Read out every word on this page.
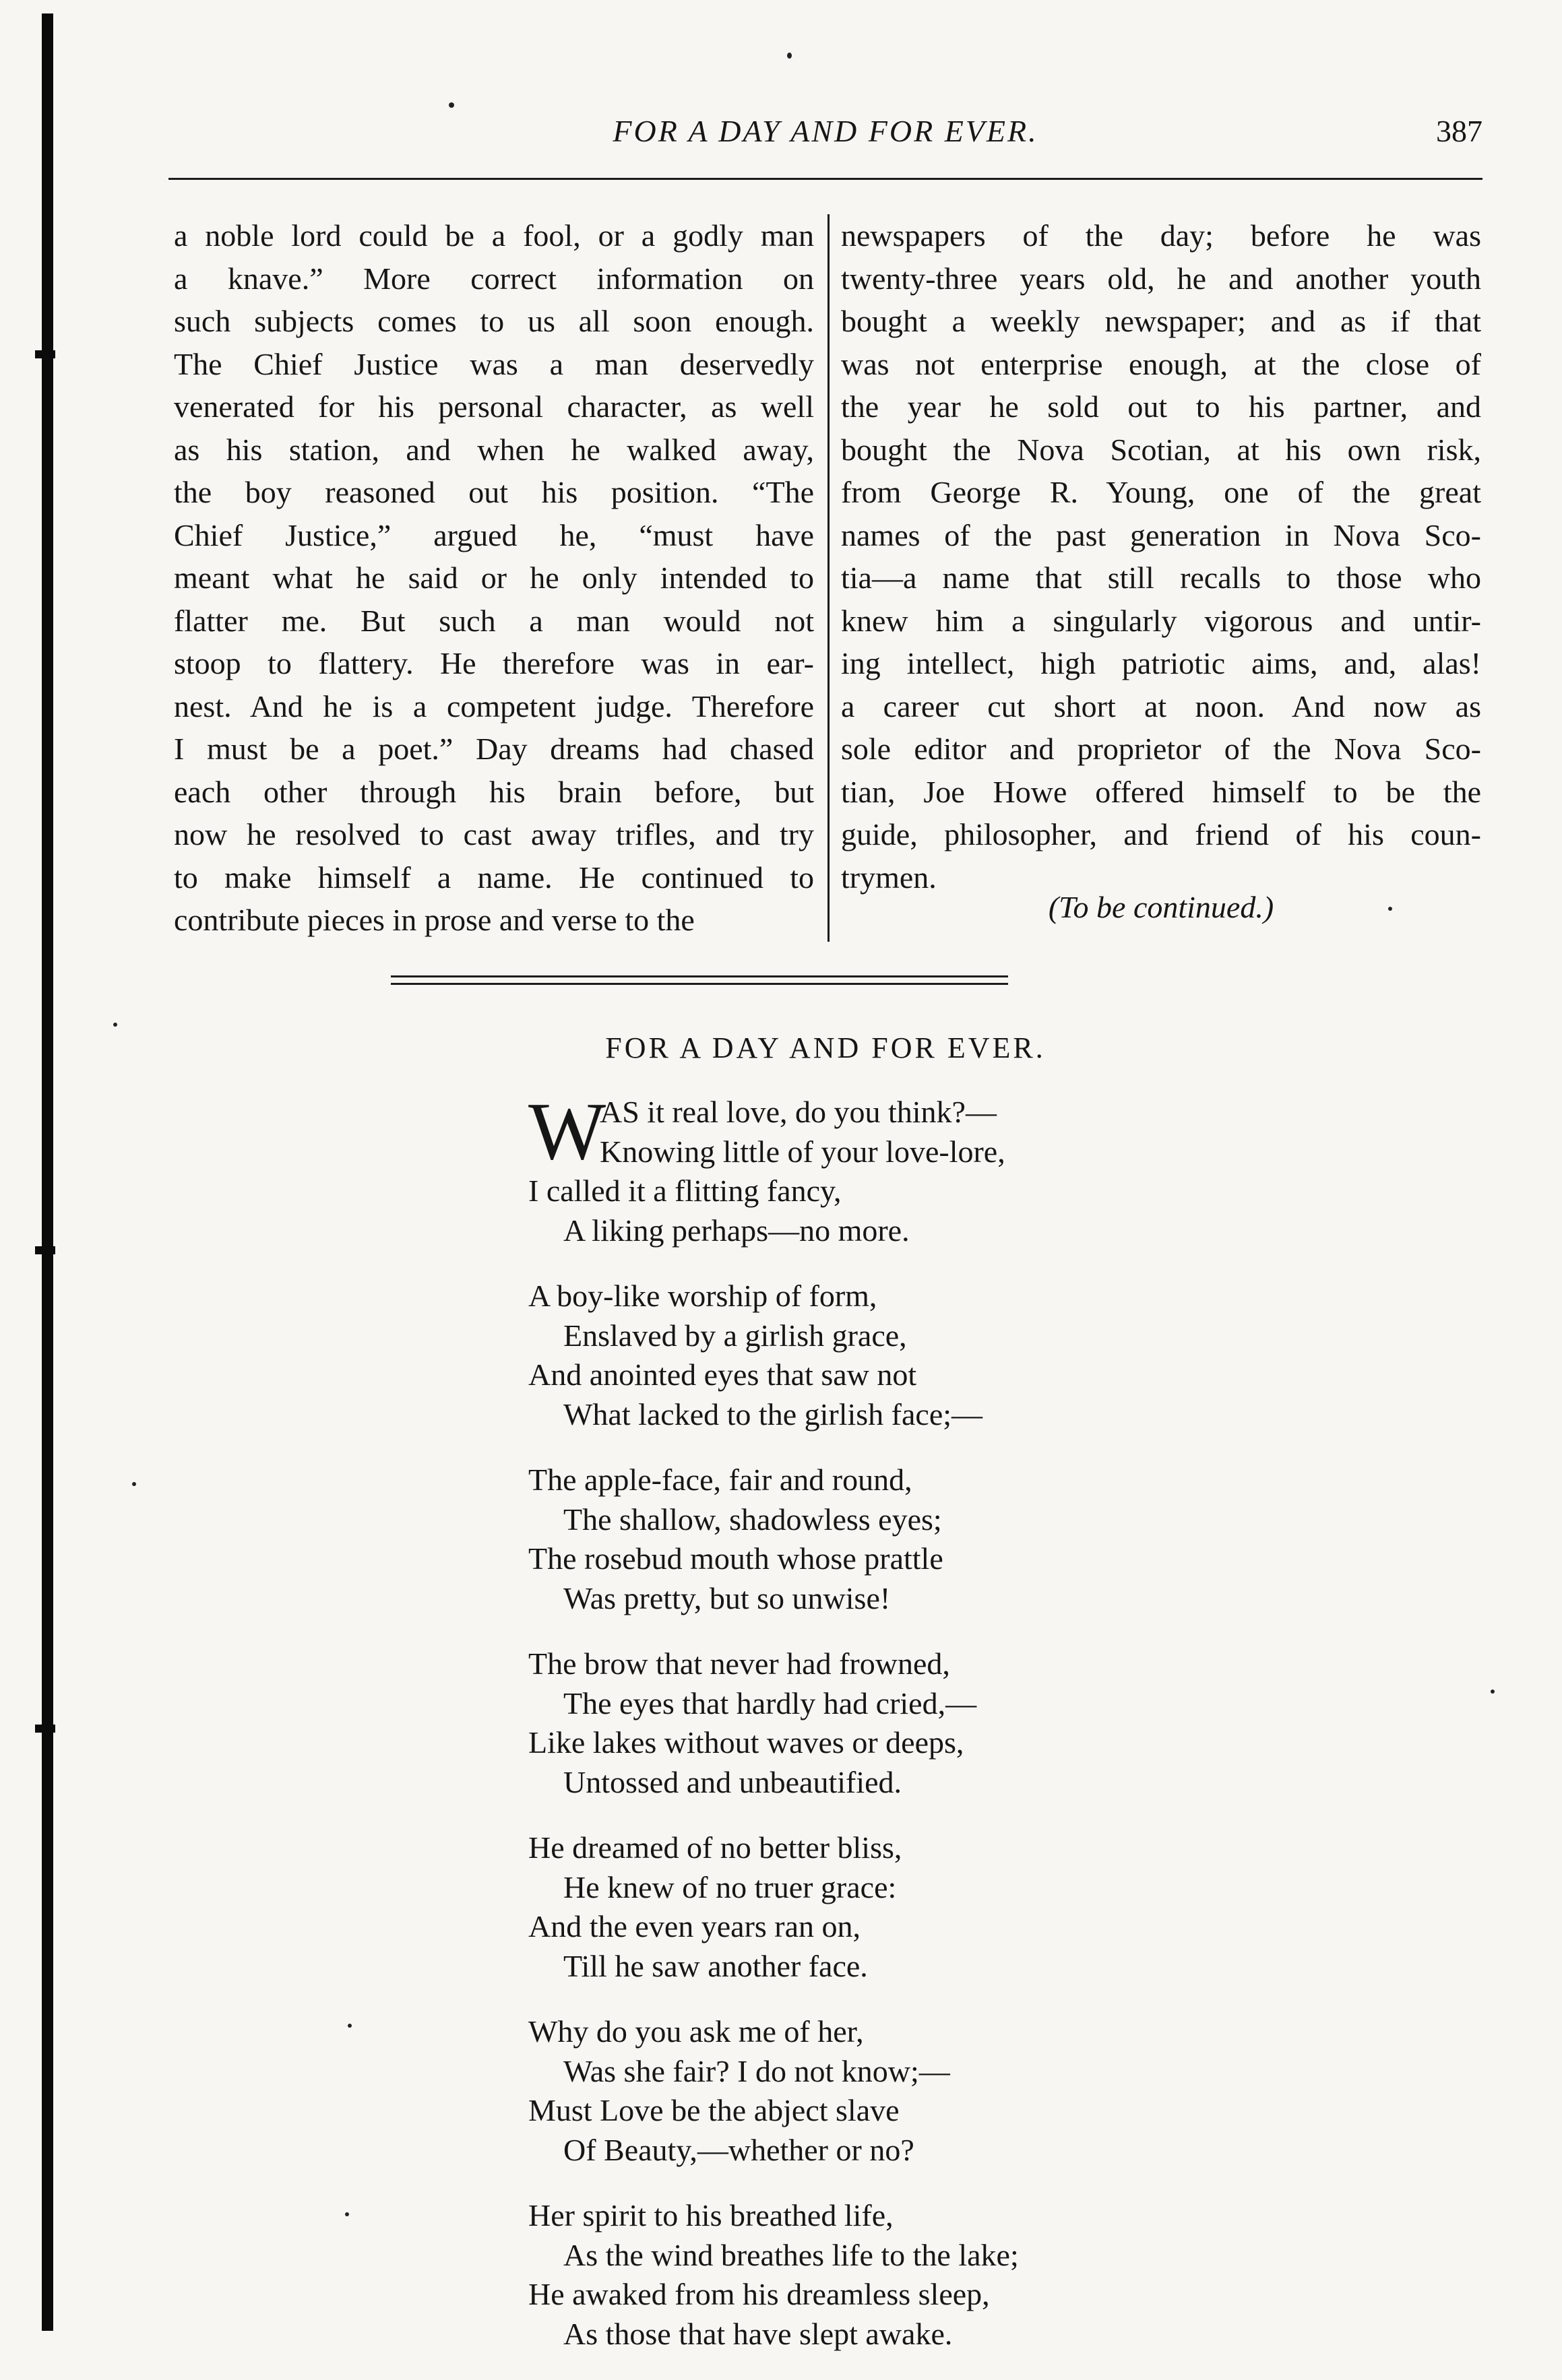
FOR A DAY AND FOR EVER.	387
a noble lord could be a fool, or a godly man
a knave.” More correct information on
such subjects comes to us all soon enough.
The Chief Justice was a man deservedly
venerated for his personal character, as well
as his station, and when he walked away,
the boy reasoned out his position. “The
Chief Justice,” argued he, “must have
meant what he said or he only intended to
flatter me. But such a man would not
stoop to flattery. He therefore was in ear-
nest. And he is a competent judge. Therefore
I must be a poet.” Day dreams had chased
each other through his brain before, but
now he resolved to cast away trifles, and try
to make himself a name. He continued to
contribute pieces in prose and verse to the
newspapers of the day; before he was
twenty-three years old, he and another youth
bought a weekly newspaper; and as if that
was not enterprise enough, at the close of
the year he sold out to his partner, and
bought the Nova Scotian, at his own risk,
from George R. Young, one of the great
names of the past generation in Nova Sco-
tia—a name that still recalls to those who
knew him a singularly vigorous and untir-
ing intellect, high patriotic aims, and, alas!
a career cut short at noon. And now as
sole editor and proprietor of the Nova Sco-
tian, Joe Howe offered himself to be the
guide, philosopher, and friend of his coun-
trymen.
(To be continued.)
FOR A DAY AND FOR EVER.
W
AS it real love, do you think?—
Knowing little of your love-lore,
I called it a flitting fancy,
A liking perhaps—no more.
A boy-like worship of form,
Enslaved by a girlish grace,
And anointed eyes that saw not
What lacked to the girlish face;—
The apple-face, fair and round,
The shallow, shadowless eyes;
The rosebud mouth whose prattle
Was pretty, but so unwise!
The brow that never had frowned,
The eyes that hardly had cried,—
Like lakes without waves or deeps,
Untossed and unbeautified.
He dreamed of no better bliss,
He knew of no truer grace:
And the even years ran on,
Till he saw another face.
Why do you ask me of her,
Was she fair? I do not know;—
Must Love be the abject slave
Of Beauty,—whether or no?
Her spirit to his breathed life,
As the wind breathes life to the lake;
He awaked from his dreamless sleep,
As those that have slept awake.
